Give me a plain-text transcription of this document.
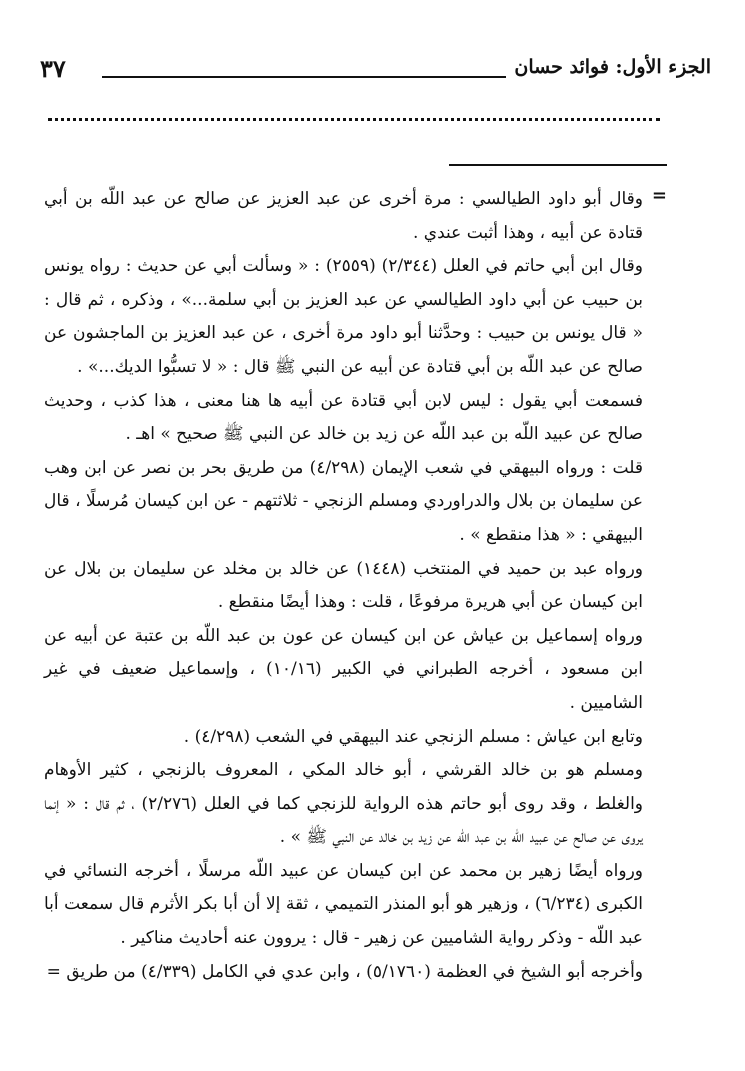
الجزء الأول: فوائد حسان
٣٧
=

وقال أبو داود الطيالسي : مرة أخرى عن عبد العزيز عن صالح عن عبد اللّه بن أبي قتادة عن أبيه ، وهذا أثبت عندي .

وقال ابن أبي حاتم في العلل (٢/٣٤٤) (٢٥٥٩) : « وسألت أبي عن حديث : رواه يونس بن حبيب عن أبي داود الطيالسي عن عبد العزيز بن أبي سلمة...» ، وذكره ، ثم قال : « قال يونس بن حبيب : وحدَّثنا أبو داود مرة أخرى ، عن عبد العزيز بن الماجشون عن صالح عن عبد اللّه بن أبي قتادة عن أبيه عن النبي ﷺ قال : « لا تسبُّوا الديك...» .

فسمعت أبي يقول : ليس لابن أبي قتادة عن أبيه ها هنا معنى ، هذا كذب ، وحديث صالح عن عبيد اللّه بن عبد اللّه عن زيد بن خالد عن النبي ﷺ صحيح » اهـ .

قلت : ورواه البيهقي في شعب الإيمان (٤/٢٩٨) من طريق بحر بن نصر عن ابن وهب عن سليمان بن بلال والدراوردي ومسلم الزنجي - ثلاثتهم - عن ابن كيسان مُرسلًا ، قال البيهقي : « هذا منقطع » .

ورواه عبد بن حميد في المنتخب (١٤٤٨) عن خالد بن مخلد عن سليمان بن بلال عن ابن كيسان عن أبي هريرة مرفوعًا ، قلت : وهذا أيضًا منقطع .

ورواه إسماعيل بن عياش عن ابن كيسان عن عون بن عبد اللّه بن عتبة عن أبيه عن ابن مسعود ، أخرجه الطبراني في الكبير (١٠/١٦) ، وإسماعيل ضعيف في غير الشاميين .

وتابع ابن عياش : مسلم الزنجي عند البيهقي في الشعب (٤/٢٩٨) .

ومسلم هو بن خالد القرشي ، أبو خالد المكي ، المعروف بالزنجي ، كثير الأوهام والغلط ، وقد روى أبو حاتم هذه الرواية للزنجي كما في العلل (٢/٢٧٦) ، ثم قال : « إنما يروى عن صالح عن عبيد اللّه بن عبد اللّه عن زيد بن خالد عن النبي ﷺ » .

ورواه أيضًا زهير بن محمد عن ابن كيسان عن عبيد اللّه مرسلًا ، أخرجه النسائي في الكبرى (٦/٢٣٤) ، وزهير هو أبو المنذر التميمي ، ثقة إلا أن أبا بكر الأثرم قال سمعت أبا عبد اللّه - وذكر رواية الشاميين عن زهير - قال : يروون عنه أحاديث مناكير .

وأخرجه أبو الشيخ في العظمة (٥/١٧٦٠) ، وابن عدي في الكامل (٤/٣٣٩) من طريق =
